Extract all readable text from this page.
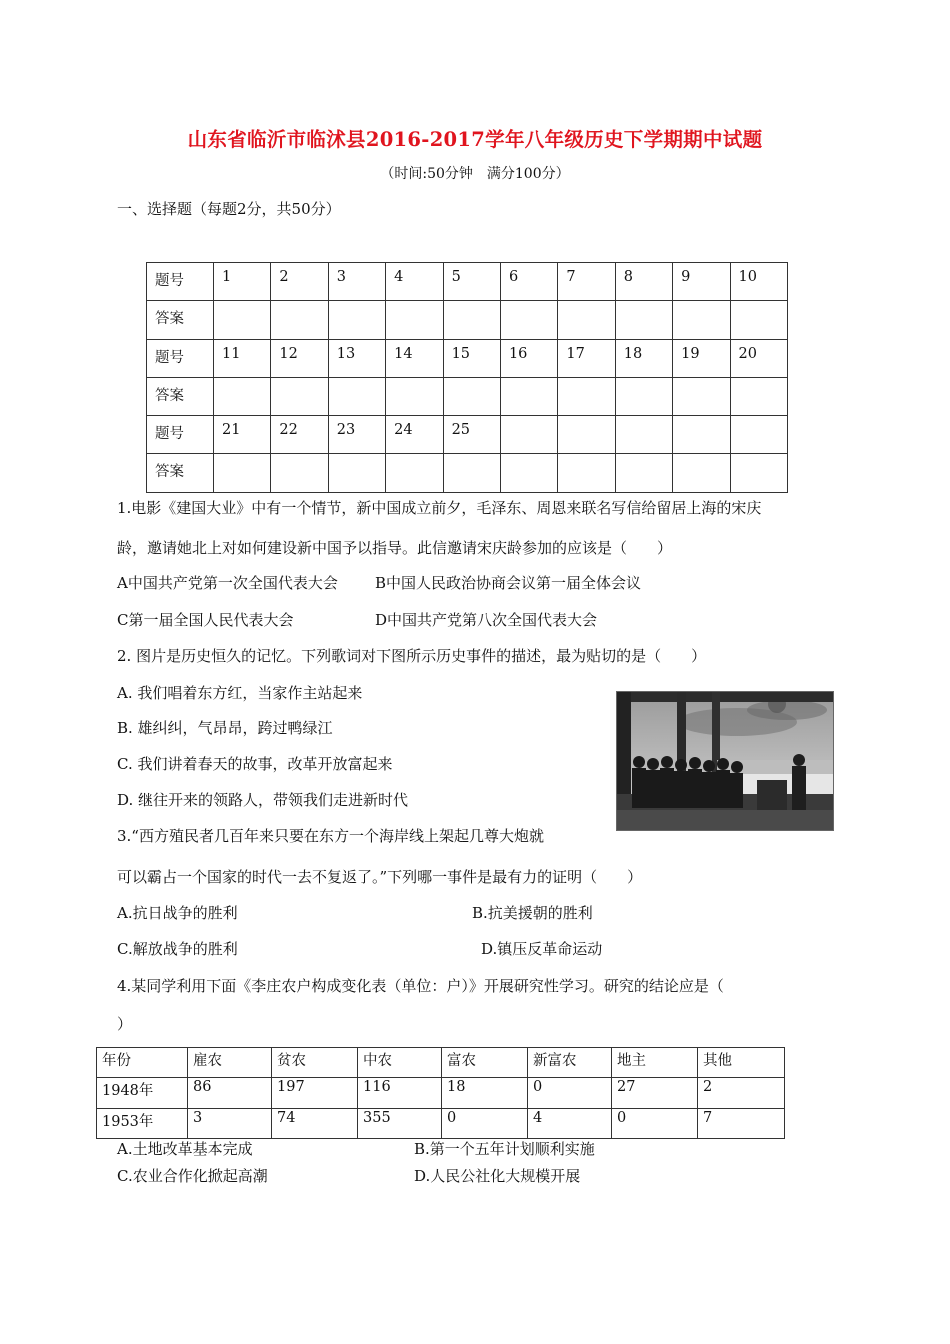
山东省临沂市临沭县2016-2017学年八年级历史下学期期中试题
（时间:50分钟　满分100分）
一、选择题（每题2分，共50分）
题号	1	2	3	4	5	6	7	8	9	10
答案										
题号	11	12	13	14	15	16	17	18	19	20
答案										
题号	21	22	23	24	25					
答案										
1.电影《建国大业》中有一个情节，新中国成立前夕，毛泽东、周恩来联名写信给留居上海的宋庆
龄，邀请她北上对如何建设新中国予以指导。此信邀请宋庆龄参加的应该是（　　）
A中国共产党第一次全国代表大会 B中国人民政治协商会议第一届全体会议
C第一届全国人民代表大会	D中国共产党第八次全国代表大会
2. 图片是历史恒久的记忆。下列歌词对下图所示历史事件的描述，最为贴切的是（　　）
A. 我们唱着东方红，当家作主站起来
B. 雄纠纠，气昂昂，跨过鸭绿江
C. 我们讲着春天的故事，改革开放富起来
D. 继往开来的领路人，带领我们走进新时代
3.“西方殖民者几百年来只要在东方一个海岸线上架起几尊大炮就
可以霸占一个国家的时代一去不复返了。”下列哪一事件是最有力的证明（　　）
A.抗日战争的胜利	B.抗美援朝的胜利
C.解放战争的胜利	D.镇压反革命运动
4.某同学利用下面《李庄农户构成变化表（单位：户）》开展研究性学习。研究的结论应是（
）
年份	雇农	贫农	中农	富农	新富农	地主	其他
1948年	86	197	116	18	0	27	2
1953年	3	74	355	0	4	0	7
A.土地改革基本完成	B.第一个五年计划顺利实施
C.农业合作化掀起高潮	D.人民公社化大规模开展
